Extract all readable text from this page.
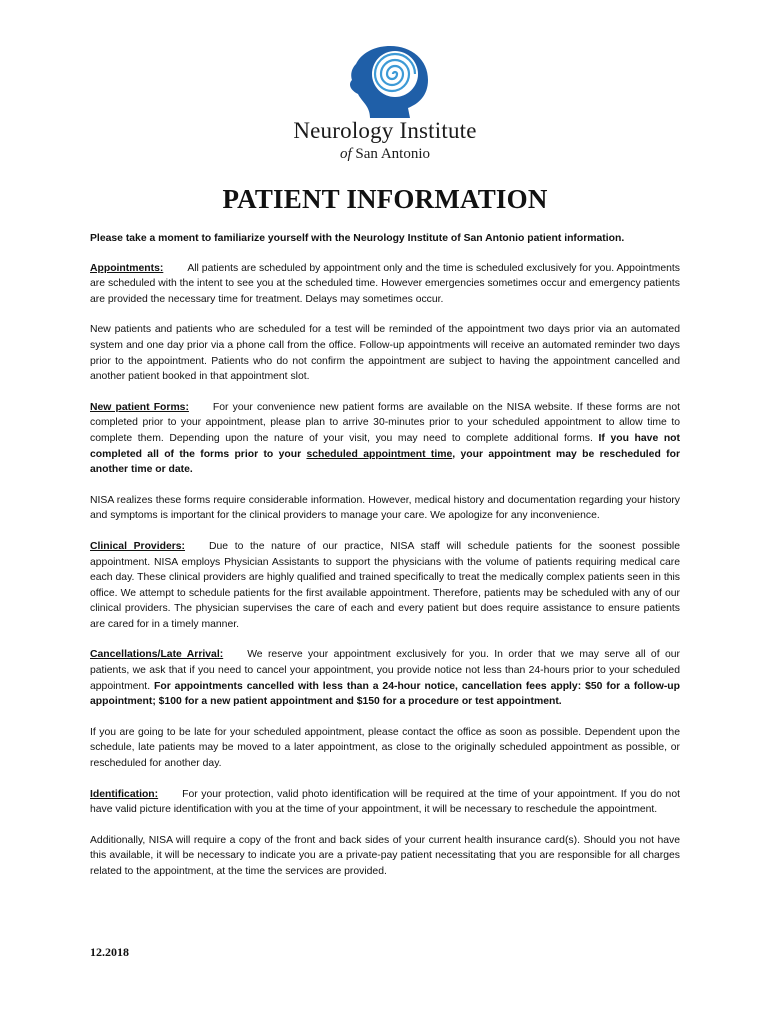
Neurology Institute

of San Antonio

PATIENT INFORMATION

Please take a moment to familiarize yourself with the Neurology Institute of San Antonio patient information.

Appointments: All patients are scheduled by appointment only and the time is scheduled exclusively for you. Appointments are scheduled with the intent to see you at the scheduled time. However emergencies sometimes occur and emergency patients are provided the necessary time for treatment. Delays may sometimes occur.

New patients and patients who are scheduled for a test will be reminded of the appointment two days prior via an automated system and one day prior via a phone call from the office. Follow-up appointments will receive an automated reminder two days prior to the appointment. Patients who do not confirm the appointment are subject to having the appointment cancelled and another patient booked in that appointment slot.

New patient Forms: For your convenience new patient forms are available on the NISA website. If these forms are not completed prior to your appointment, please plan to arrive 30-minutes prior to your scheduled appointment to allow time to complete them. Depending upon the nature of your visit, you may need to complete additional forms. If you have not completed all of the forms prior to your scheduled appointment time, your appointment may be rescheduled for another time or date.

NISA realizes these forms require considerable information. However, medical history and documentation regarding your history and symptoms is important for the clinical providers to manage your care. We apologize for any inconvenience.

Clinical Providers: Due to the nature of our practice, NISA staff will schedule patients for the soonest possible appointment. NISA employs Physician Assistants to support the physicians with the volume of patients requiring medical care each day. These clinical providers are highly qualified and trained specifically to treat the medically complex patients seen in this office. We attempt to schedule patients for the first available appointment. Therefore, patients may be scheduled with any of our clinical providers. The physician supervises the care of each and every patient but does require assistance to ensure patients are cared for in a timely manner.

Cancellations/Late Arrival: We reserve your appointment exclusively for you. In order that we may serve all of our patients, we ask that if you need to cancel your appointment, you provide notice not less than 24-hours prior to your scheduled appointment. For appointments cancelled with less than a 24-hour notice, cancellation fees apply: $50 for a follow-up appointment; $100 for a new patient appointment and $150 for a procedure or test appointment.

If you are going to be late for your scheduled appointment, please contact the office as soon as possible. Dependent upon the schedule, late patients may be moved to a later appointment, as close to the originally scheduled appointment as possible, or rescheduled for another day.

Identification: For your protection, valid photo identification will be required at the time of your appointment. If you do not have valid picture identification with you at the time of your appointment, it will be necessary to reschedule the appointment.

Additionally, NISA will require a copy of the front and back sides of your current health insurance card(s). Should you not have this available, it will be necessary to indicate you are a private-pay patient necessitating that you are responsible for all charges related to the appointment, at the time the services are provided.

12.2018
